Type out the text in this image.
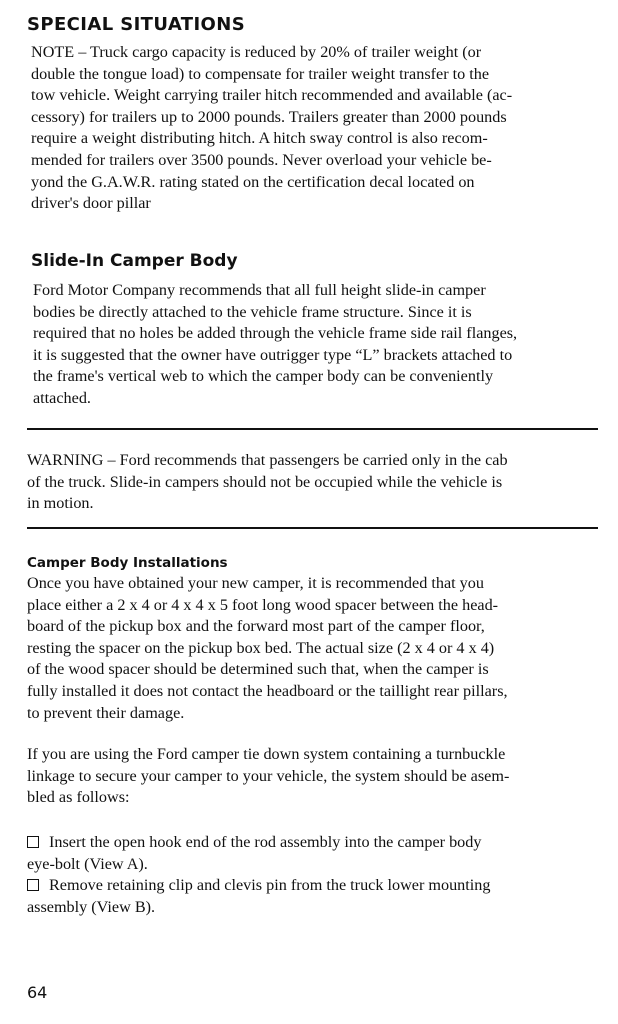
SPECIAL SITUATIONS

NOTE – Truck cargo capacity is reduced by 20% of trailer weight (or
double the tongue load) to compensate for trailer weight transfer to the
tow vehicle. Weight carrying trailer hitch recommended and available (ac-
cessory) for trailers up to 2000 pounds. Trailers greater than 2000 pounds
require a weight distributing hitch. A hitch sway control is also recom-
mended for trailers over 3500 pounds. Never overload your vehicle be-
yond the G.A.W.R. rating stated on the certification decal located on
driver's door pillar

Slide-In Camper Body

Ford Motor Company recommends that all full height slide-in camper
bodies be directly attached to the vehicle frame structure. Since it is
required that no holes be added through the vehicle frame side rail flanges,
it is suggested that the owner have outrigger type “L” brackets attached to
the frame's vertical web to which the camper body can be conveniently
attached.

WARNING – Ford recommends that passengers be carried only in the cab
of the truck. Slide-in campers should not be occupied while the vehicle is
in motion.

Camper Body Installations

Once you have obtained your new camper, it is recommended that you
place either a 2 x 4 or 4 x 4 x 5 foot long wood spacer between the head-
board of the pickup box and the forward most part of the camper floor,
resting the spacer on the pickup box bed. The actual size (2 x 4 or 4 x 4)
of the wood spacer should be determined such that, when the camper is
fully installed it does not contact the headboard or the taillight rear pillars,
to prevent their damage.

If you are using the Ford camper tie down system containing a turnbuckle
linkage to secure your camper to your vehicle, the system should be asem-
bled as follows:

Insert the open hook end of the rod assembly into the camper body
eye-bolt (View A).
Remove retaining clip and clevis pin from the truck lower mounting
assembly (View B).

64
